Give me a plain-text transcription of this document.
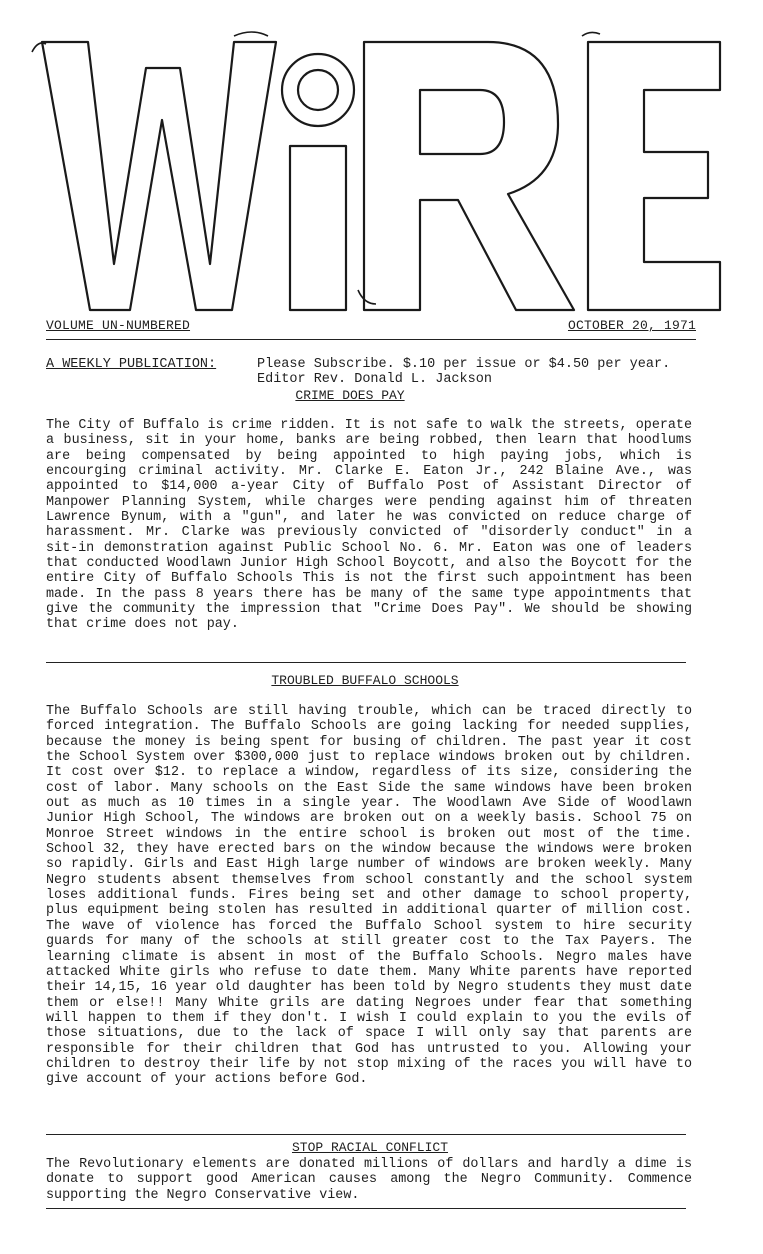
VOLUME UN-NUMBERED	OCTOBER 20, 1971
A WEEKLY PUBLICATION:	Please Subscribe. $.10 per issue or $4.50 per year. Editor Rev. Donald L. Jackson
CRIME DOES PAY
The City of Buffalo is crime ridden. It is not safe to walk the streets, operate a business, sit in your home, banks are being robbed, then learn that hoodlums are being compensated by being appointed to high paying jobs, which is encourging criminal activity. Mr. Clarke E. Eaton Jr., 242 Blaine Ave., was appointed to $14,000 a-year City of Buffalo Post of Assistant Director of Manpower Planning System, while charges were pending against him of threaten Lawrence Bynum, with a "gun", and later he was convicted on reduce charge of harassment. Mr. Clarke was previously convicted of "disorderly conduct" in a sit-in demonstration against Public School No. 6. Mr. Eaton was one of leaders that conducted Woodlawn Junior High School Boycott, and also the Boycott for the entire City of Buffalo Schools This is not the first such appointment has been made. In the pass 8 years there has be many of the same type appointments that give the community the impression that "Crime Does Pay". We should be showing that crime does not pay.
TROUBLED BUFFALO SCHOOLS
The Buffalo Schools are still having trouble, which can be traced directly to forced integration. The Buffalo Schools are going lacking for needed supplies, because the money is being spent for busing of children. The past year it cost the School System over $300,000 just to replace windows broken out by children. It cost over $12. to replace a window, regardless of its size, considering the cost of labor. Many schools on the East Side the same windows have been broken out as much as 10 times in a single year. The Woodlawn Ave Side of Woodlawn Junior High School, The windows are broken out on a weekly basis. School 75 on Monroe Street windows in the entire school is broken out most of the time. School 32, they have erected bars on the window because the windows were broken so rapidly. Girls and East High large number of windows are broken weekly. Many Negro students absent themselves from school constantly and the school system loses additional funds. Fires being set and other damage to school property, plus equipment being stolen has resulted in additional quarter of million cost. The wave of violence has forced the Buffalo School system to hire security guards for many of the schools at still greater cost to the Tax Payers. The learning climate is absent in most of the Buffalo Schools. Negro males have attacked White girls who refuse to date them. Many White parents have reported their 14,15, 16 year old daughter has been told by Negro students they must date them or else!! Many White grils are dating Negroes under fear that something will happen to them if they don't. I wish I could explain to you the evils of those situations, due to the lack of space I will only say that parents are responsible for their children that God has untrusted to you. Allowing your children to destroy their life by not stop mixing of the races you will have to give account of your actions before God.
STOP RACIAL CONFLICT
The Revolutionary elements are donated millions of dollars and hardly a dime is donate to support good American causes among the Negro Community. Commence supporting the Negro Conservative view.
